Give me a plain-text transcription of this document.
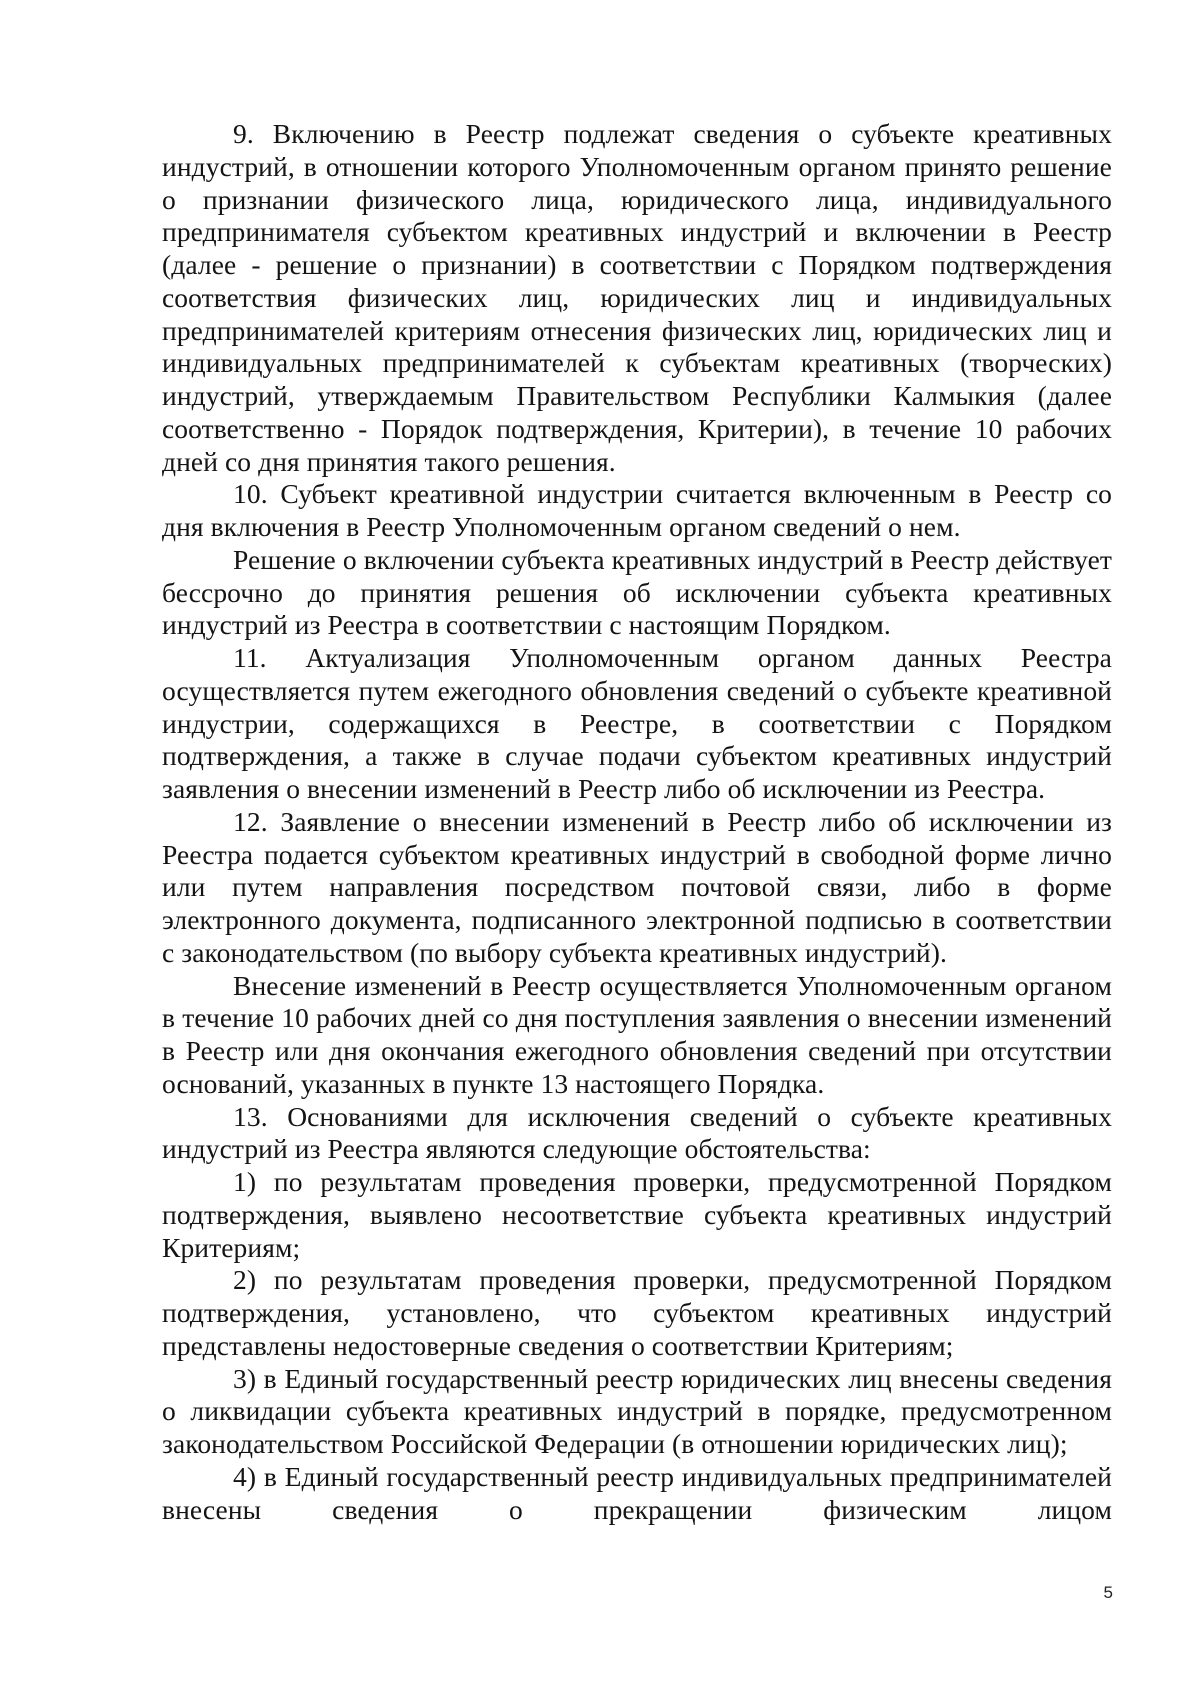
9. Включению в Реестр подлежат сведения о субъекте креативных индустрий, в отношении которого Уполномоченным органом принято решение о признании физического лица, юридического лица, индивидуального предпринимателя субъектом креативных индустрий и включении в Реестр (далее - решение о признании) в соответствии с Порядком подтверждения соответствия физических лиц, юридических лиц и индивидуальных предпринимателей критериям отнесения физических лиц, юридических лиц и индивидуальных предпринимателей к субъектам креативных (творческих) индустрий, утверждаемым Правительством Республики Калмыкия (далее соответственно - Порядок подтверждения, Критерии), в течение 10 рабочих дней со дня принятия такого решения.

10. Субъект креативной индустрии считается включенным в Реестр со дня включения в Реестр Уполномоченным органом сведений о нем.

Решение о включении субъекта креативных индустрий в Реестр действует бессрочно до принятия решения об исключении субъекта креативных индустрий из Реестра в соответствии с настоящим Порядком.

11. Актуализация Уполномоченным органом данных Реестра осуществляется путем ежегодного обновления сведений о субъекте креативной индустрии, содержащихся в Реестре, в соответствии с Порядком подтверждения, а также в случае подачи субъектом креативных индустрий заявления о внесении изменений в Реестр либо об исключении из Реестра.

12. Заявление о внесении изменений в Реестр либо об исключении из Реестра подается субъектом креативных индустрий в свободной форме лично или путем направления посредством почтовой связи, либо в форме электронного документа, подписанного электронной подписью в соответствии с законодательством (по выбору субъекта креативных индустрий).

Внесение изменений в Реестр осуществляется Уполномоченным органом в течение 10 рабочих дней со дня поступления заявления о внесении изменений в Реестр или дня окончания ежегодного обновления сведений при отсутствии оснований, указанных в пункте 13 настоящего Порядка.

13. Основаниями для исключения сведений о субъекте креативных индустрий из Реестра являются следующие обстоятельства:

1) по результатам проведения проверки, предусмотренной Порядком подтверждения, выявлено несоответствие субъекта креативных индустрий Критериям;

2) по результатам проведения проверки, предусмотренной Порядком подтверждения, установлено, что субъектом креативных индустрий представлены недостоверные сведения о соответствии Критериям;

3) в Единый государственный реестр юридических лиц внесены сведения о ликвидации субъекта креативных индустрий в порядке, предусмотренном законодательством Российской Федерации (в отношении юридических лиц);

4) в Единый государственный реестр индивидуальных предпринимателей внесены сведения о прекращении физическим лицом

5
